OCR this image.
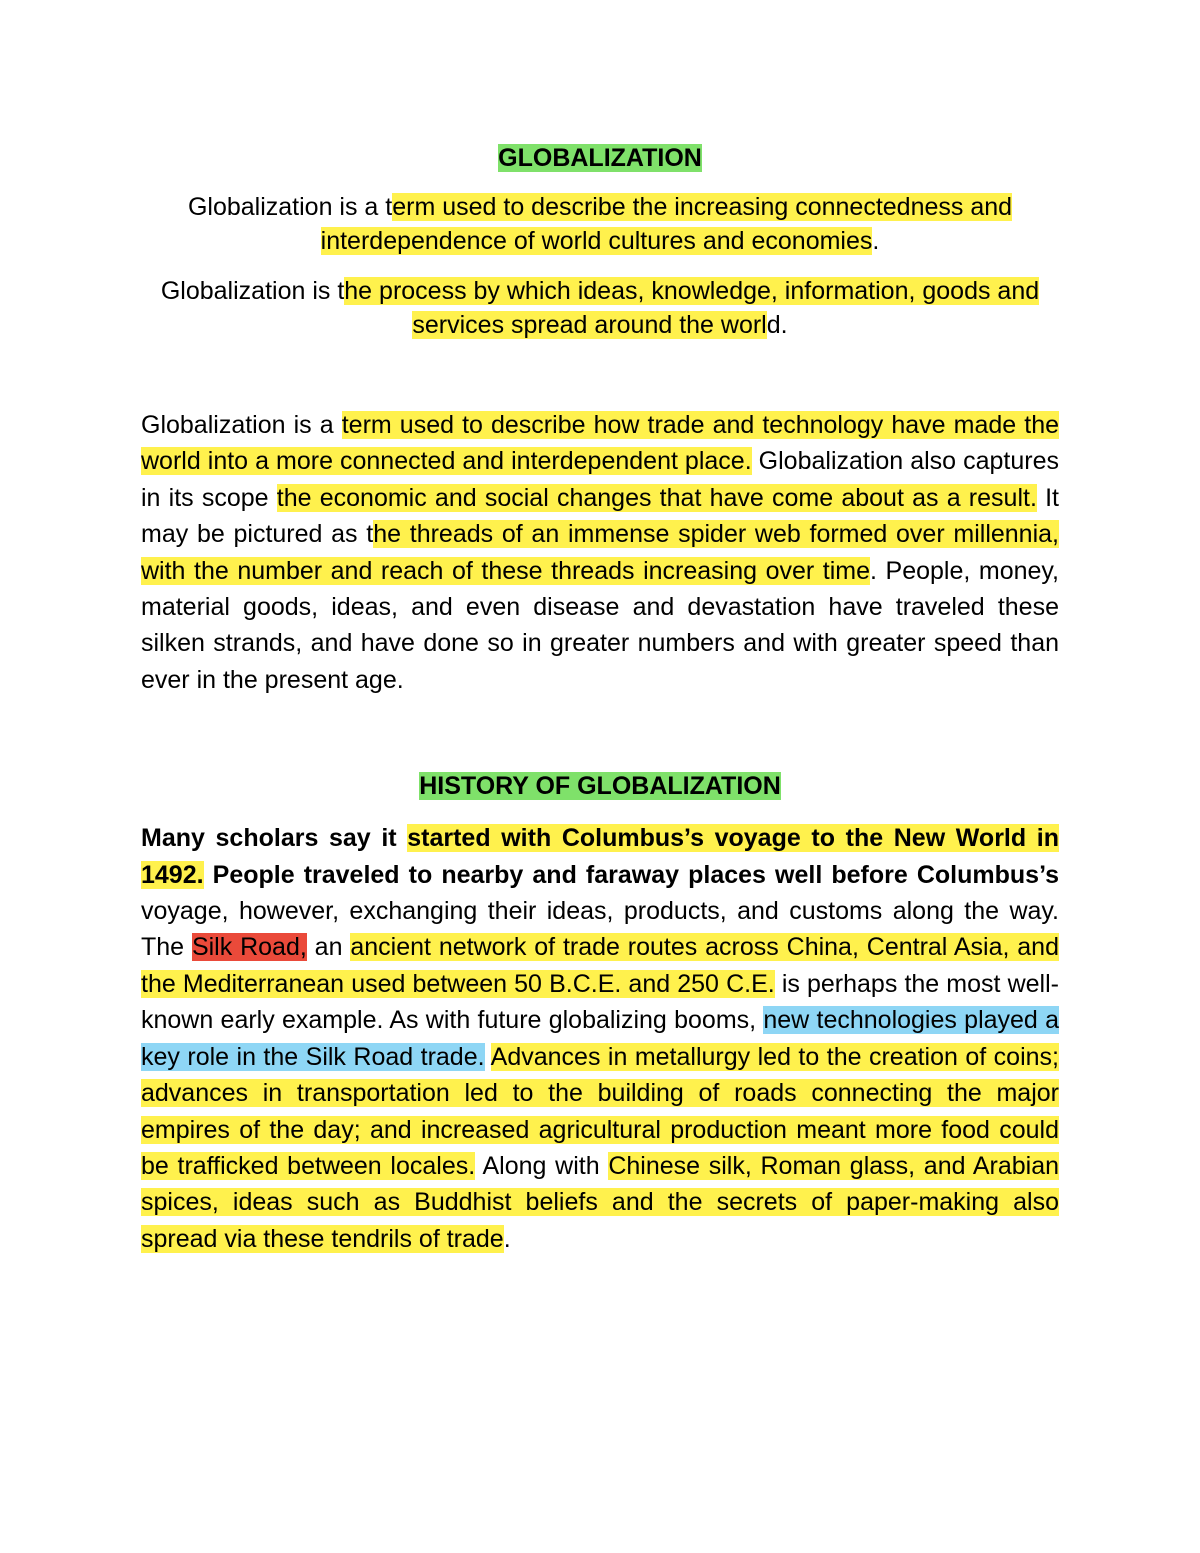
GLOBALIZATION

Globalization is a term used to describe the increasing connectedness and interdependence of world cultures and economies.

Globalization is the process by which ideas, knowledge, information, goods and services spread around the world.

Globalization is a term used to describe how trade and technology have made the world into a more connected and interdependent place. Globalization also captures in its scope the economic and social changes that have come about as a result. It may be pictured as the threads of an immense spider web formed over millennia, with the number and reach of these threads increasing over time. People, money, material goods, ideas, and even disease and devastation have traveled these silken strands, and have done so in greater numbers and with greater speed than ever in the present age.

HISTORY OF GLOBALIZATION

Many scholars say it started with Columbus’s voyage to the New World in 1492. People traveled to nearby and faraway places well before Columbus’s voyage, however, exchanging their ideas, products, and customs along the way. The Silk Road, an ancient network of trade routes across China, Central Asia, and the Mediterranean used between 50 B.C.E. and 250 C.E. is perhaps the most well-known early example. As with future globalizing booms, new technologies played a key role in the Silk Road trade. Advances in metallurgy led to the creation of coins; advances in transportation led to the building of roads connecting the major empires of the day; and increased agricultural production meant more food could be trafficked between locales. Along with Chinese silk, Roman glass, and Arabian spices, ideas such as Buddhist beliefs and the secrets of paper-making also spread via these tendrils of trade.
